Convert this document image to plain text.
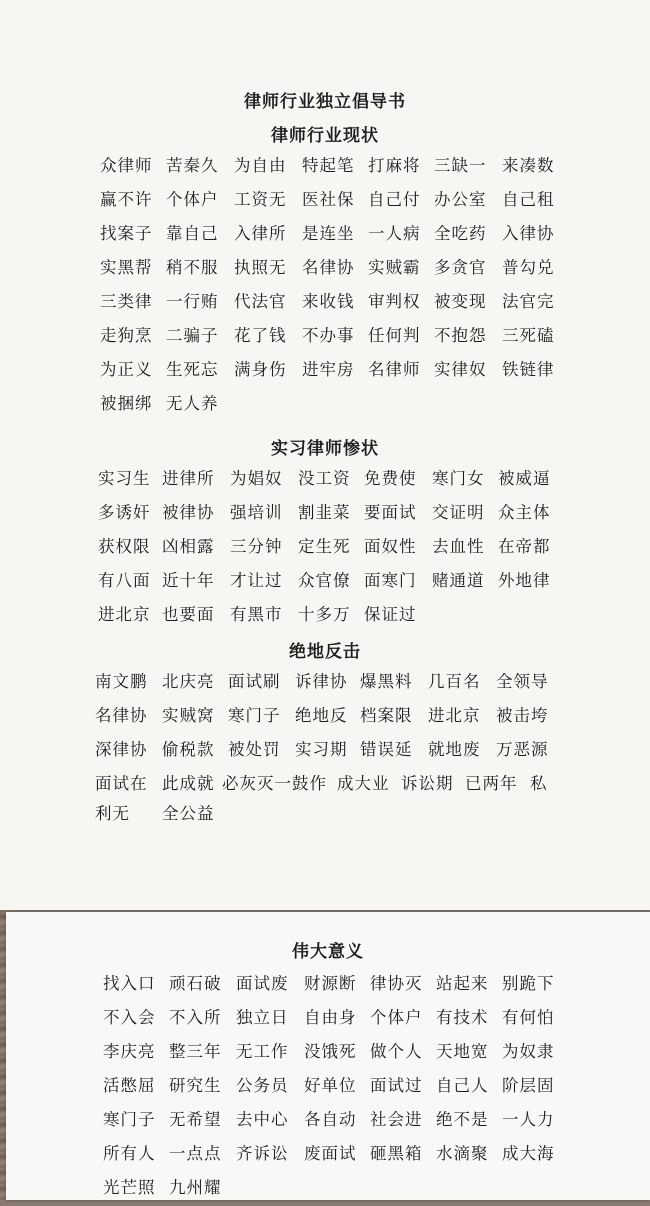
律师行业独立倡导书
律师行业现状
众律师 苦秦久 为自由 特起笔 打麻将 三缺一 来凑数
赢不许 个体户 工资无 医社保 自己付 办公室 自己租
找案子 靠自己 入律所 是连坐 一人病 全吃药 入律协
实黑帮 稍不服 执照无 名律协 实贼霸 多贪官 普勾兑
三类律 一行贿 代法官 来收钱 审判权 被变现 法官完
走狗烹 二骗子 花了钱 不办事 任何判 不抱怨 三死磕
为正义 生死忘 满身伤 进牢房 名律师 实律奴 铁链律
被捆绑 无人养
实习律师惨状
实习生 进律所 为娼奴 没工资 免费使 寒门女 被威逼
多诱奸 被律协 强培训 割韭菜 要面试 交证明 众主体
获权限 凶相露 三分钟 定生死 面奴性 去血性 在帝都
有八面 近十年 才让过 众官僚 面寒门 赌通道 外地律
进北京 也要面 有黑市 十多万 保证过
绝地反击
南文鹏 北庆亮 面试刷 诉律协 爆黑料 几百名 全领导
名律协 实贼窝 寒门子 绝地反 档案限 进北京 被击垮
深律协 偷税款 被处罚 实习期 错误延 就地废 万恶源
面试在 此成就 必灰灭一鼓作 成大业 诉讼期 已两年 私
利无 全公益
伟大意义
找入口 顽石破 面试废 财源断 律协灭 站起来 别跪下
不入会 不入所 独立日 自由身 个体户 有技术 有何怕
李庆亮 整三年 无工作 没饿死 做个人 天地宽 为奴隶
活憋屈 研究生 公务员 好单位 面试过 自己人 阶层固
寒门子 无希望 去中心 各自动 社会进 绝不是 一人力
所有人 一点点 齐诉讼 废面试 砸黑箱 水滴聚 成大海
光芒照 九州耀
